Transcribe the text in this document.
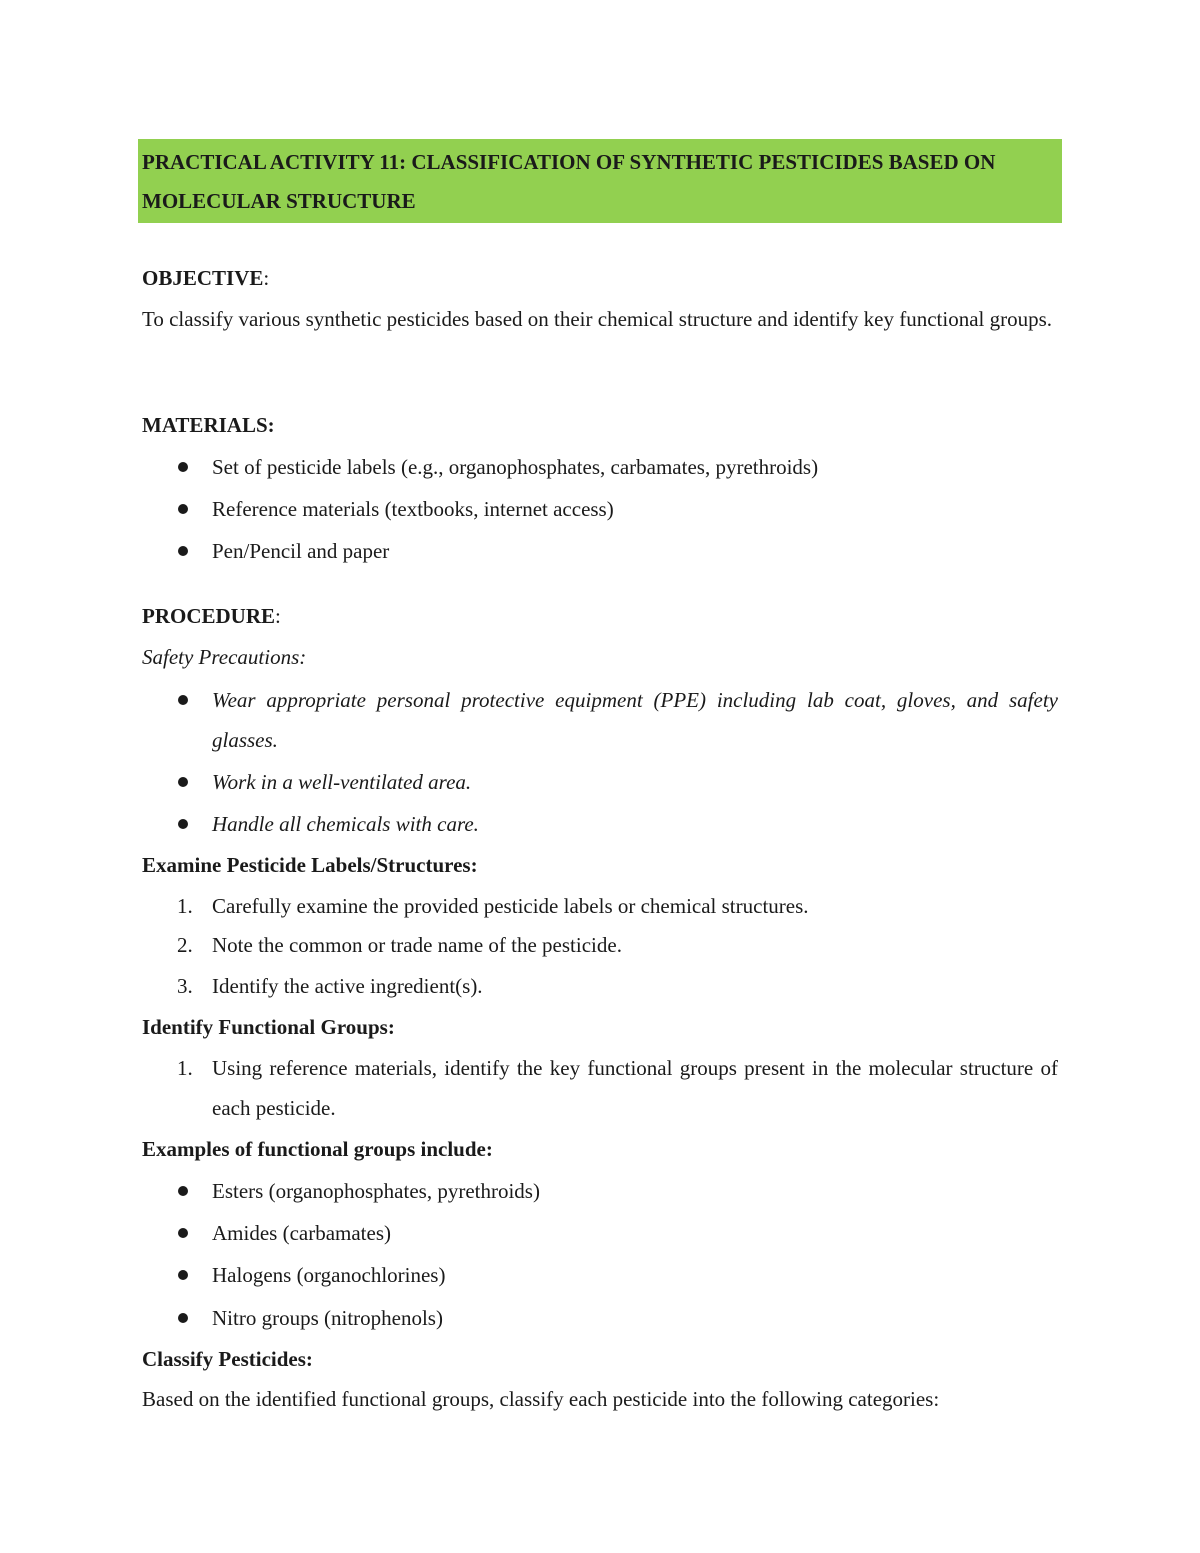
PRACTICAL ACTIVITY 11: CLASSIFICATION OF SYNTHETIC PESTICIDES BASED ON MOLECULAR STRUCTURE
OBJECTIVE:
To classify various synthetic pesticides based on their chemical structure and identify key functional groups.
MATERIALS:
Set of pesticide labels (e.g., organophosphates, carbamates, pyrethroids)
Reference materials (textbooks, internet access)
Pen/Pencil and paper
PROCEDURE:
Safety Precautions:
Wear appropriate personal protective equipment (PPE) including lab coat, gloves, and safety glasses.
Work in a well-ventilated area.
Handle all chemicals with care.
Examine Pesticide Labels/Structures:
1. Carefully examine the provided pesticide labels or chemical structures.
2. Note the common or trade name of the pesticide.
3. Identify the active ingredient(s).
Identify Functional Groups:
1. Using reference materials, identify the key functional groups present in the molecular structure of each pesticide.
Examples of functional groups include:
Esters (organophosphates, pyrethroids)
Amides (carbamates)
Halogens (organochlorines)
Nitro groups (nitrophenols)
Classify Pesticides:
Based on the identified functional groups, classify each pesticide into the following categories:
